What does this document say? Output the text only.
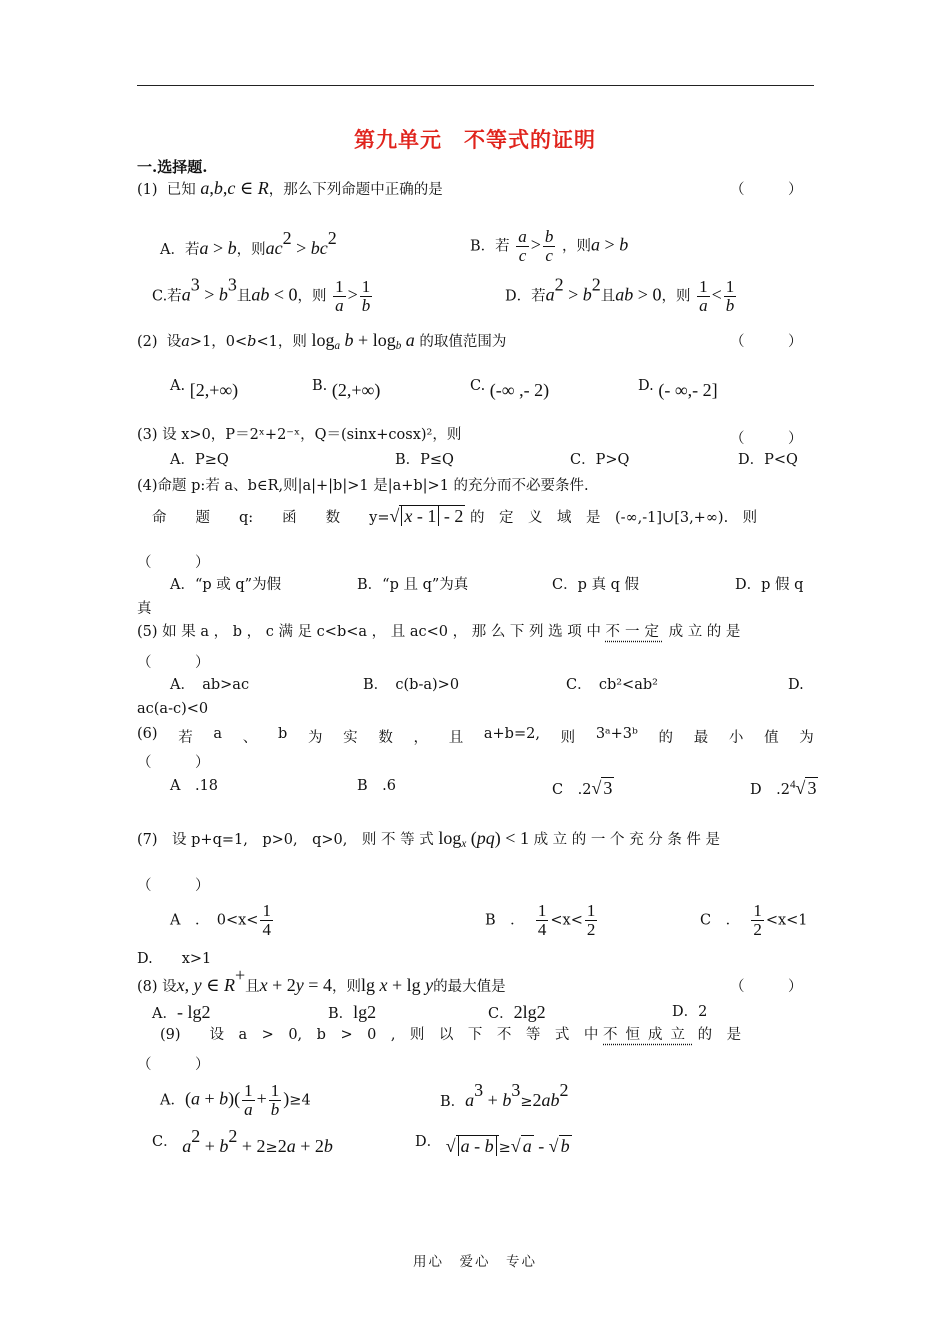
第九单元　不等式的证明
一.选择题.
(1) 已知 a,b,c ∈ R，那么下列命题中正确的是	（　　　）
A．若a > b，则$ac^2 > bc^2$	B．若 $\frac{a}{c} > \frac{b}{c}$ ，则a > b
C.若$a^3 > b^3$且ab < 0，则 $\frac{1}{a} > \frac{1}{b}$	D．若$a^2 > b^2$且ab > 0，则 $\frac{1}{a} < \frac{1}{b}$
(2) 设a>1，0<b<1，则 $\log_a b + \log_b a$ 的取值范围为	（　　　）
A. [2,+∞)	B. (2,+∞)	C. (-∞ ,- 2)	D. (- ∞,- 2]
(3) 设 x>0，P＝2ˣ+2⁻ˣ，Q＝(sinx+cosx)²，则	（　　　）
A．P≥Q	B．P≤Q	C．P>Q	D．P<Q
(4)命题 p:若 a、b∈R,则|a|+|b|>1 是|a+b|>1 的充分而不必要条件.
命　　 题　　 q:　　 函　　 数　　 y=√ x - 1 - 2 的　定　义　域　是　(-∞,-1]∪[3,+∞).　则
（　　　）
A．“p 或 q”为假	B．“p 且 q”为真	C．p 真 q 假	D．p 假 q
真
(5) 如 果 a ， b ， c 满 足 c<b<a ， 且 ac<0 ， 那 么 下 列 选 项 中 不一定 成 立 的 是
（　　　）
A．　ab>ac	B．　c(b-a)>0	C．　cb²<ab²	D.
ac(a-c)<0
(6) 若 a 、 b 为 实 数 ， 且 a+b=2, 则 3ᵃ+3ᵇ 的 最 小 值 为
（　　　）
A　.18	B　.6	C　.2√ 3	D　$.2^4√$ 3
(7)　设 p+q=1,　p>0,　q>0,　则 不 等 式 $\log_x (pq) < 1$ 成 立 的 一 个 充 分 条 件 是
（　　　）
A　．　$0<x< \frac{1}{4}$	B　． $\frac{1}{4} <x< \frac{1}{2}$	C　． $\frac{1}{2} <x<1$
D.　　x>1
(8) 设x, y ∈ R+且x + 2y = 4，则lg x + lg y的最大值是	（　　　）
A．- lg2	B．lg2	C．2lg2	D．2
(9)　　设　a　>　0,　b　>　0　,　则　以　下　不　等　式　中 不恒成立 的　是
（　　　）
A．$(a + b)( \frac{1}{a} + \frac{1}{b} )\ge 4$	B．$a^3 + b^3\ge 2ab^2$
C． $a^2 + b^2 + 2\ge 2a + 2b$	D． √ a - b ≥√ a - √ b
用心　爱心　专心
